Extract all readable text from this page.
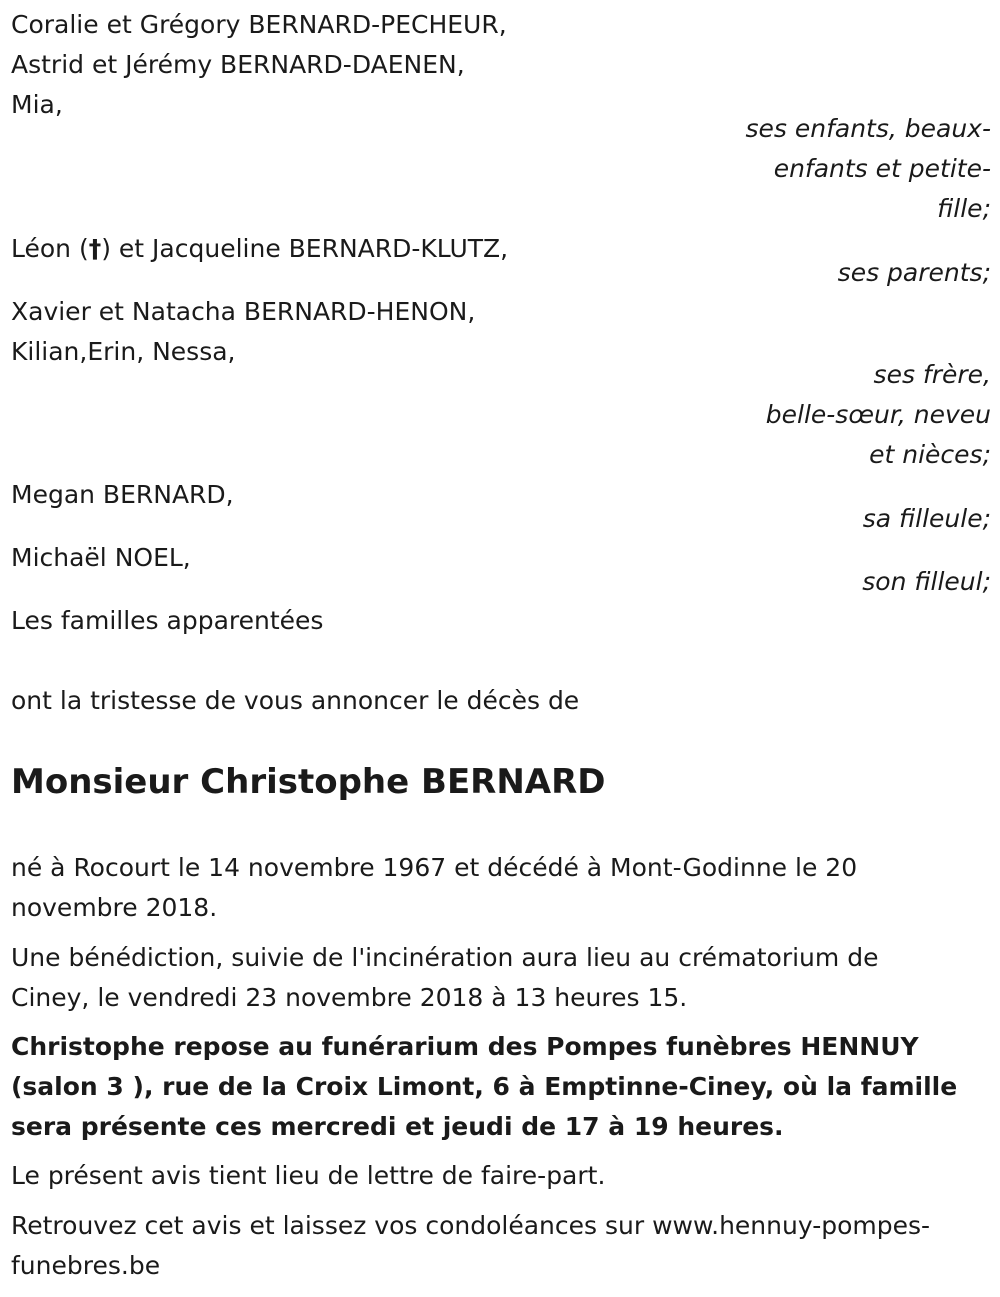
Coralie et Grégory BERNARD-PECHEUR,
Astrid et Jérémy BERNARD-DAENEN,
Mia,
ses enfants, beaux-
enfants et petite-
fille;
Léon (†) et Jacqueline BERNARD-KLUTZ,
ses parents;
Xavier et Natacha BERNARD-HENON,
Kilian,Erin, Nessa,
ses frère,
belle-sœur, neveu
et nièces;
Megan BERNARD,
sa filleule;
Michaël NOEL,
son filleul;
Les familles apparentées
ont la tristesse de vous annoncer le décès de
Monsieur Christophe BERNARD
né à Rocourt le 14 novembre 1967 et décédé à Mont-Godinne le 20
novembre 2018.
Une bénédiction, suivie de l'incinération aura lieu au crématorium de
Ciney, le vendredi 23 novembre 2018 à 13 heures 15.
Christophe repose au funérarium des Pompes funèbres HENNUY
(salon 3 ), rue de la Croix Limont, 6 à Emptinne-Ciney, où la famille
sera présente ces mercredi et jeudi de 17 à 19 heures.
Le présent avis tient lieu de lettre de faire-part.
Retrouvez cet avis et laissez vos condoléances sur www.hennuy-pompes-
funebres.be
